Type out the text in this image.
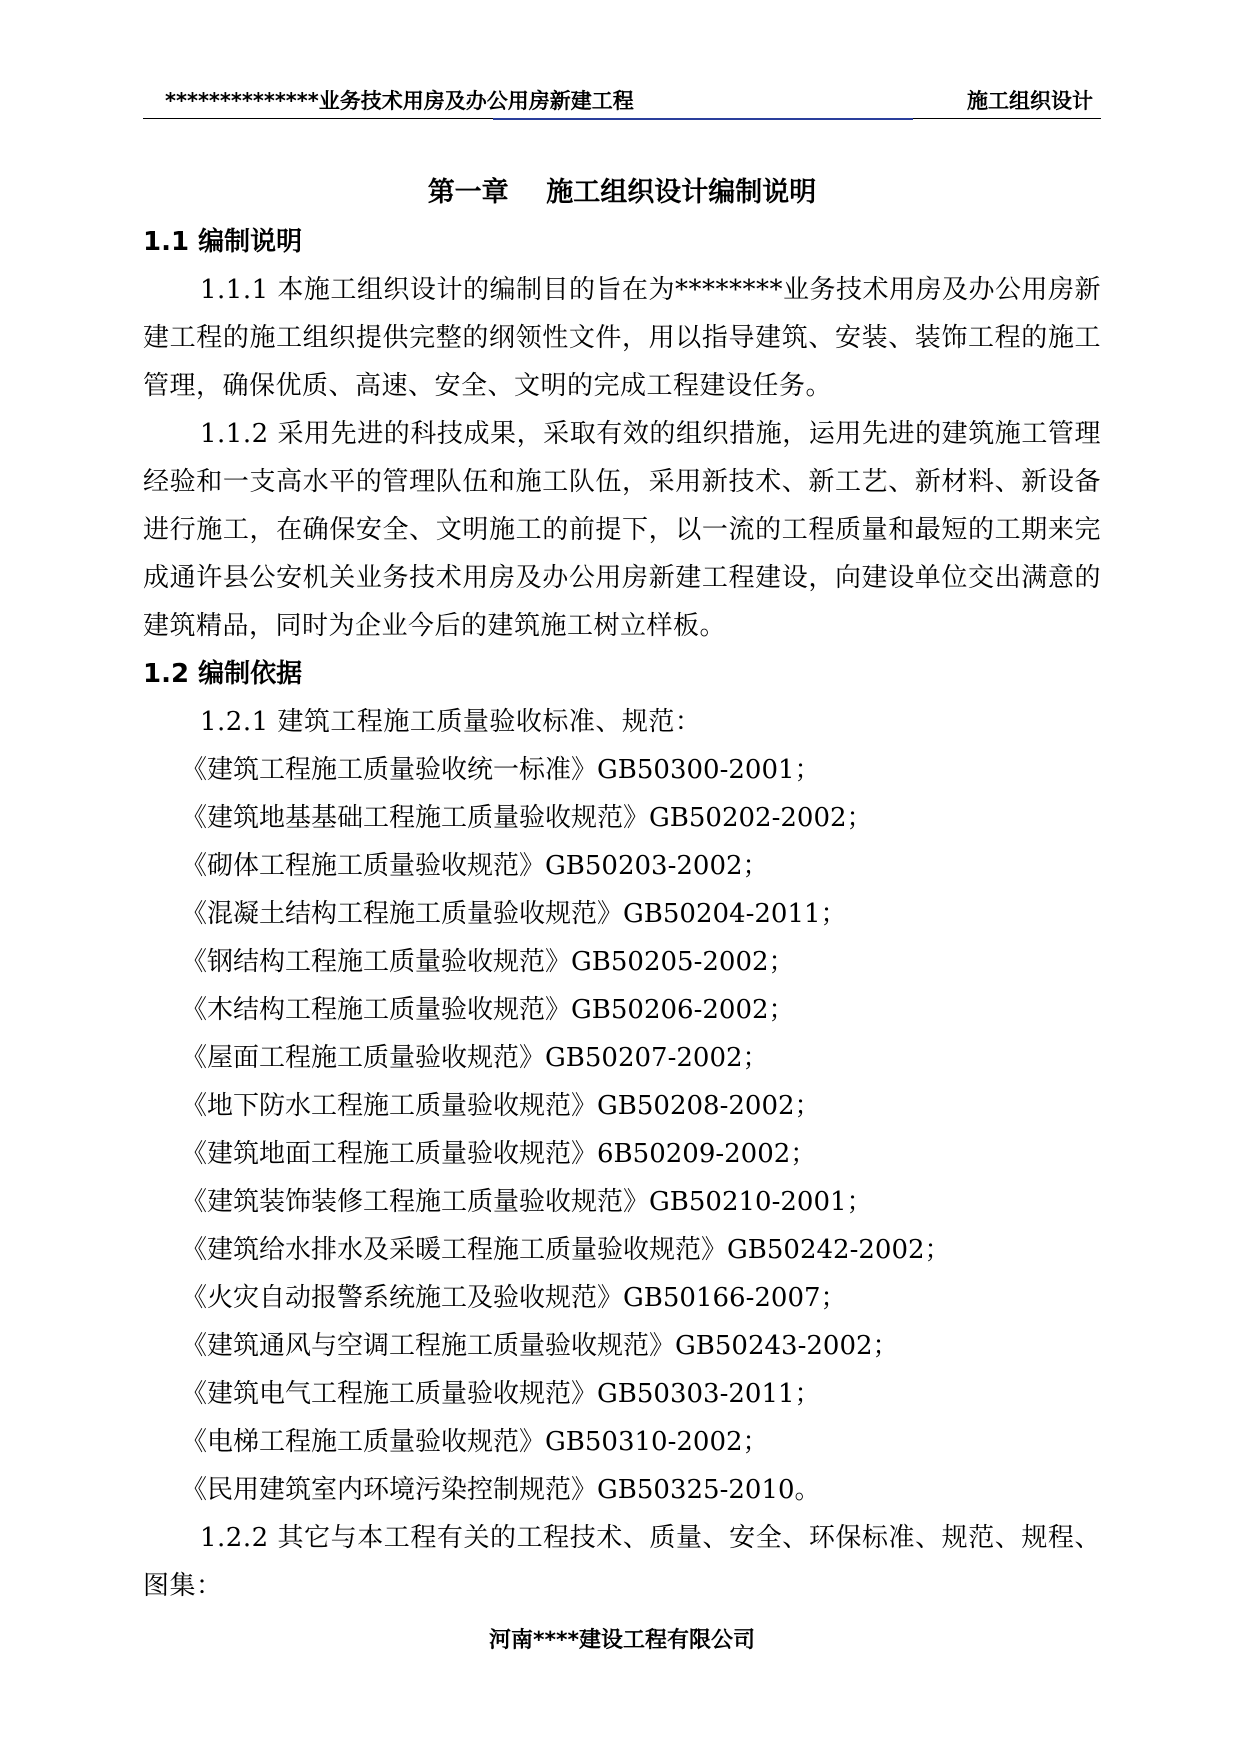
**************业务技术用房及办公用房新建工程	施工组织设计
第一章    施工组织设计编制说明
1.1 编制说明

1.1.1 本施工组织设计的编制目的旨在为********业务技术用房及办公用房新建工程的施工组织提供完整的纲领性文件，用以指导建筑、安装、装饰工程的施工管理，确保优质、高速、安全、文明的完成工程建设任务。

1.1.2 采用先进的科技成果，采取有效的组织措施，运用先进的建筑施工管理经验和一支高水平的管理队伍和施工队伍，采用新技术、新工艺、新材料、新设备进行施工，在确保安全、文明施工的前提下，以一流的工程质量和最短的工期来完成通许县公安机关业务技术用房及办公用房新建工程建设，向建设单位交出满意的建筑精品，同时为企业今后的建筑施工树立样板。

1.2 编制依据

1.2.1 建筑工程施工质量验收标准、规范：

《建筑工程施工质量验收统一标准》GB50300-2001；
《建筑地基基础工程施工质量验收规范》GB50202-2002；
《砌体工程施工质量验收规范》GB50203-2002；
《混凝土结构工程施工质量验收规范》GB50204-2011；
《钢结构工程施工质量验收规范》GB50205-2002；
《木结构工程施工质量验收规范》GB50206-2002；
《屋面工程施工质量验收规范》GB50207-2002；
《地下防水工程施工质量验收规范》GB50208-2002；
《建筑地面工程施工质量验收规范》6B50209-2002；
《建筑装饰装修工程施工质量验收规范》GB50210-2001；
《建筑给水排水及采暖工程施工质量验收规范》GB50242-2002；
《火灾自动报警系统施工及验收规范》GB50166-2007；
《建筑通风与空调工程施工质量验收规范》GB50243-2002；
《建筑电气工程施工质量验收规范》GB50303-2011；
《电梯工程施工质量验收规范》GB50310-2002；
《民用建筑室内环境污染控制规范》GB50325-2010。

1.2.2 其它与本工程有关的工程技术、质量、安全、环保标准、规范、规程、图集：

河南****建设工程有限公司
